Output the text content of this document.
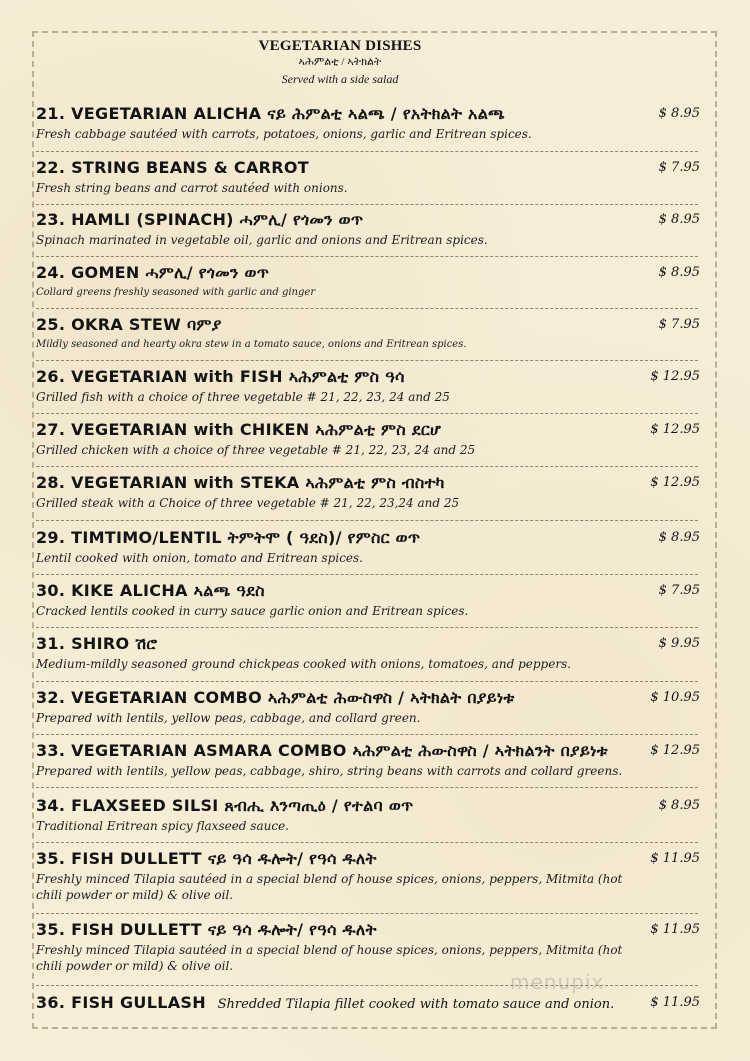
VEGETARIAN DISHES
ኣሕምልቲ / ኣትክልት
Served with a side salad
21. VEGETARIAN ALICHA ናይ ሕምልቲ ኣልጫ / የአትክልት አልጫ	$ 8.95
Fresh cabbage sautéed with carrots, potatoes, onions, garlic and Eritrean spices.
22. STRING BEANS & CARROT	$ 7.95
Fresh string beans and carrot sautéed with onions.
23. HAMLI (SPINACH) ሓምሊ/ የጎመን ወጥ	$ 8.95
Spinach marinated in vegetable oil, garlic and onions and Eritrean spices.
24. GOMEN ሓምሊ/ የጎመን ወጥ	$ 8.95
Collard greens freshly seasoned with garlic and ginger
25. OKRA STEW ባምያ	$ 7.95
Mildly seasoned and hearty okra stew in a tomato sauce, onions and Eritrean spices.
26. VEGETARIAN with FISH ኣሕምልቲ ምስ ዓሳ	$ 12.95
Grilled fish with a choice of three vegetable # 21, 22, 23, 24 and 25
27. VEGETARIAN with CHIKEN ኣሕምልቲ ምስ ደርሆ	$ 12.95
Grilled chicken with a choice of three vegetable # 21, 22, 23, 24 and 25
28. VEGETARIAN with STEKA ኣሕምልቲ ምስ ብስተካ	$ 12.95
Grilled steak with a Choice of three vegetable # 21, 22, 23,24 and 25
29. TIMTIMO/LENTIL ትምትሞ ( ዓደስ)/ የምስር ወጥ	$ 8.95
Lentil cooked with onion, tomato and Eritrean spices.
30. KIKE ALICHA ኣልጫ ዓደስ	$ 7.95
Cracked lentils cooked in curry sauce garlic onion and Eritrean spices.
31. SHIRO ሽሮ	$ 9.95
Medium-mildly seasoned ground chickpeas cooked with onions, tomatoes, and peppers.
32. VEGETARIAN COMBO ኣሕምልቲ ሕውስዋስ / ኣትክልት በያይነቱ	$ 10.95
Prepared with lentils, yellow peas, cabbage, and collard green.
33. VEGETARIAN ASMARA COMBO ኣሕምልቲ ሕውስዋስ / ኣትክልንት በያይነቱ	$ 12.95
Prepared with lentils, yellow peas, cabbage, shiro, string beans with carrots and collard greens.
34. FLAXSEED SILSI ጸብሒ እንጣጢዕ / የተልባ ወጥ	$ 8.95
Traditional Eritrean spicy flaxseed sauce.
35. FISH DULLETT ናይ ዓሳ ዱሎት/ የዓሳ ዱለት	$ 11.95
Freshly minced Tilapia sautéed in a special blend of house spices, onions, peppers, Mitmita (hot chili powder or mild) & olive oil.
35. FISH DULLETT ናይ ዓሳ ዱሎት/ የዓሳ ዱለት	$ 11.95
Freshly minced Tilapia sautéed in a special blend of house spices, onions, peppers, Mitmita (hot chili powder or mild) & olive oil.
36. FISH GULLASH Shredded Tilapia fillet cooked with tomato sauce and onion.	$ 11.95
menupix
